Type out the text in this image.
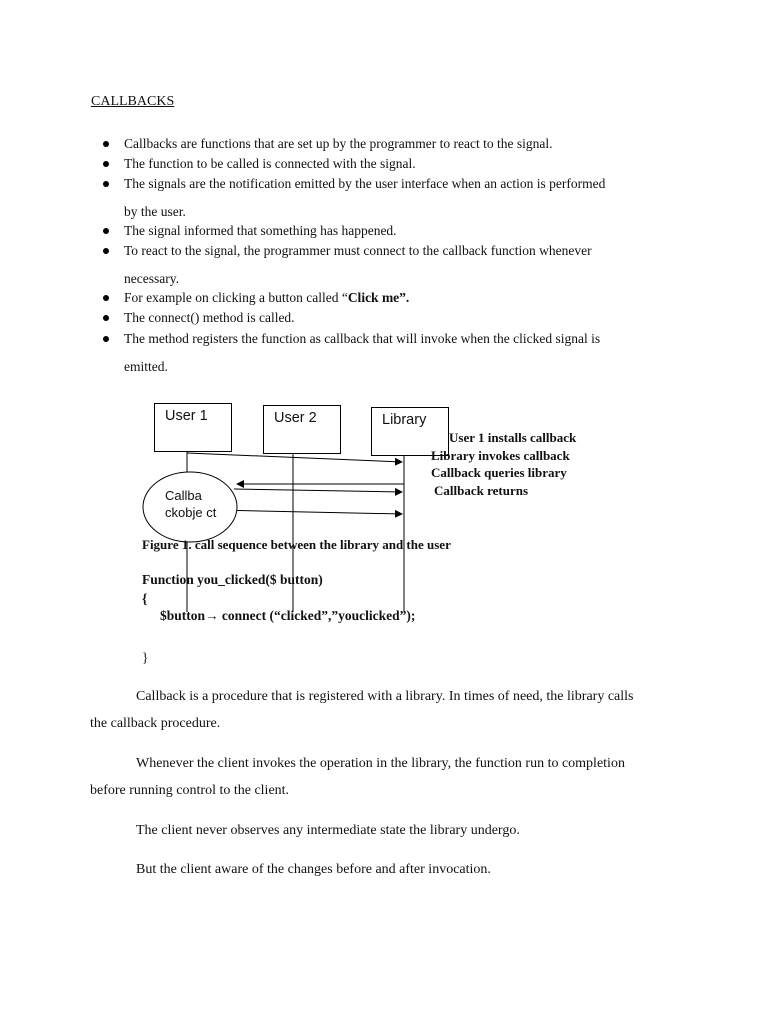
CALLBACKS
Callbacks are functions that are set up by the programmer to react to the signal.
The function to be called is connected with the signal.
The signals are the notification emitted by the user interface when an action is performed
by the user.
The signal informed that something has happened.
To react to the signal, the programmer must connect to the callback function whenever
necessary.
For example on clicking a button called “Click me”.
The connect() method is called.
The method registers the function as callback that will invoke when the clicked signal is
emitted.
User 1	User 2	Library
Callba ckobje ct
User 1 installs callback
Library invokes callback
Callback queries library
Callback returns
Figure 1. call sequence between the library and the user
Function you_clicked($ button)
{
$button→ connect (“clicked”,”youclicked”);
}
Callback is a procedure that is registered with a library. In times of need, the library calls
the callback procedure.
Whenever the client invokes the operation in the library, the function run to completion
before running control to the client.
The client never observes any intermediate state the library undergo.
But the client aware of the changes before and after invocation.
